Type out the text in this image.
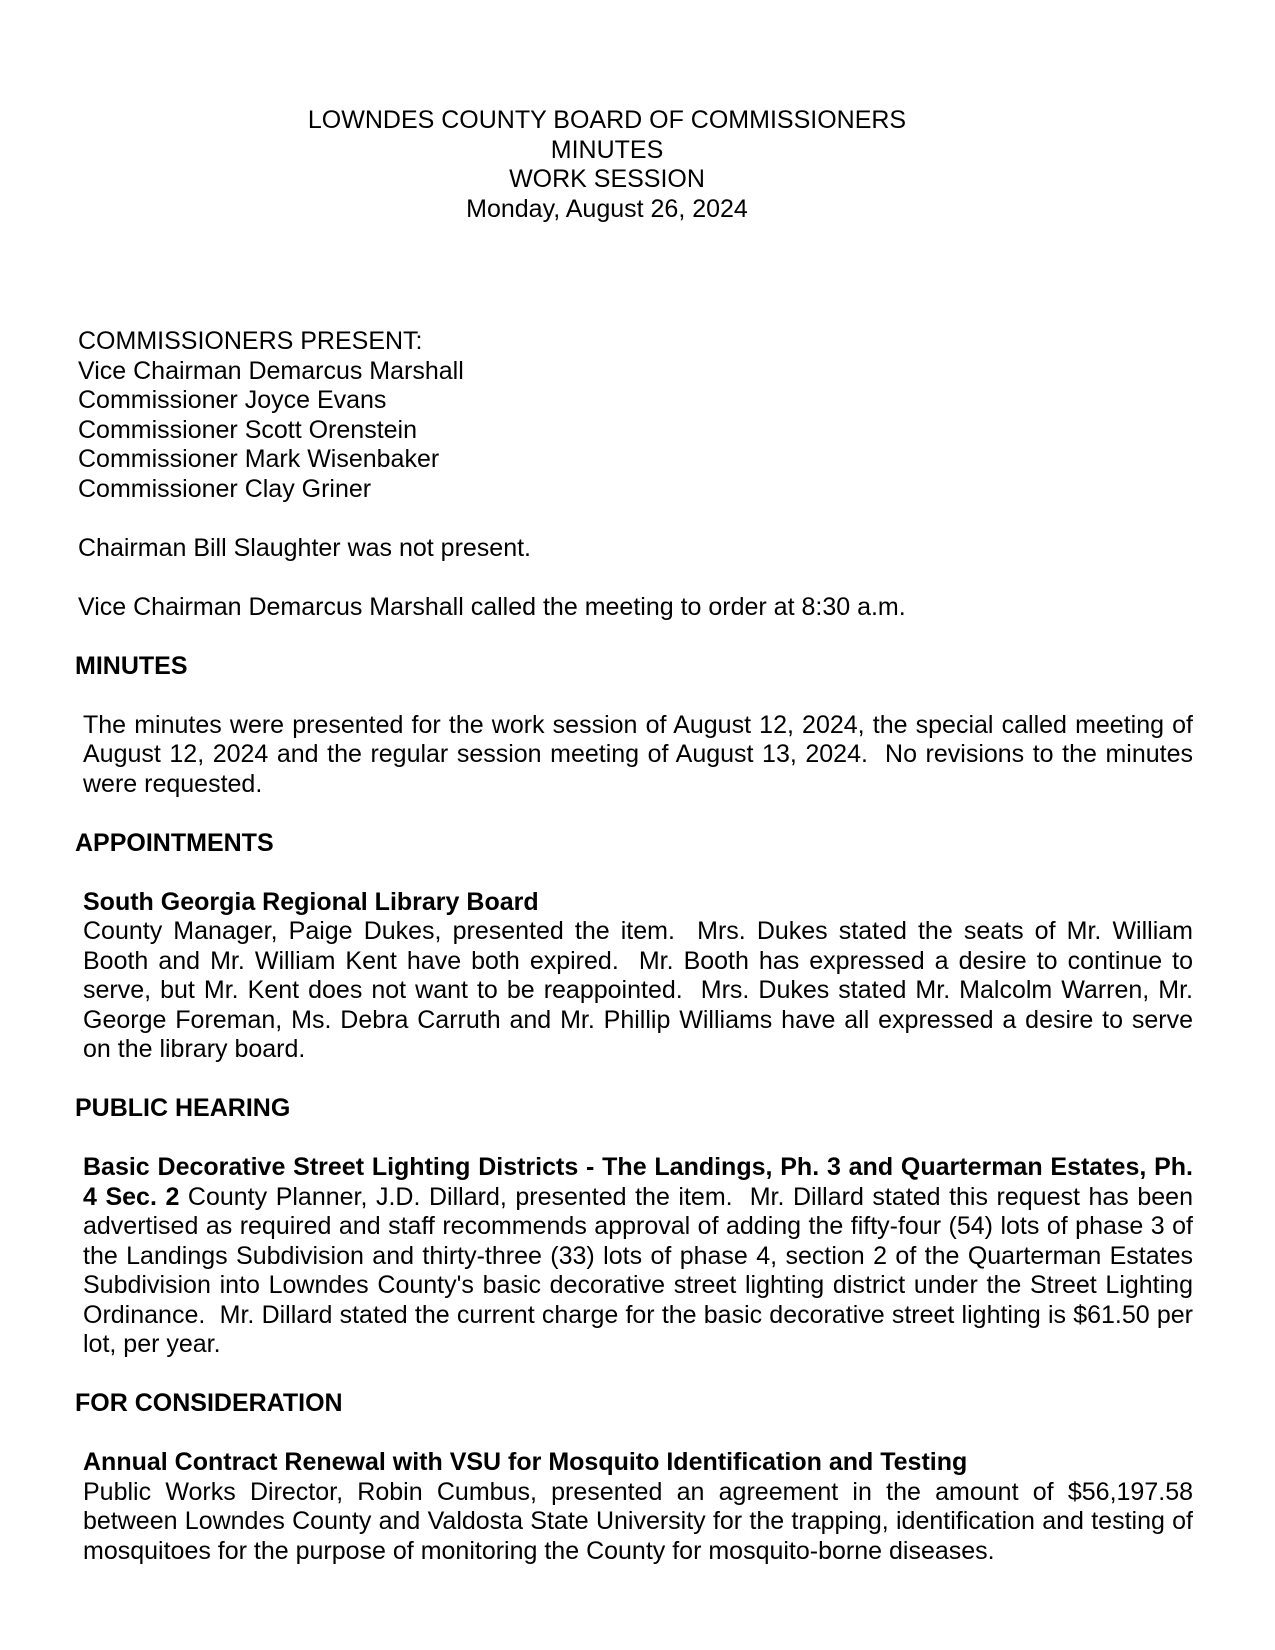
LOWNDES COUNTY BOARD OF COMMISSIONERS
MINUTES
WORK SESSION
Monday, August 26, 2024
COMMISSIONERS PRESENT:
Vice Chairman Demarcus Marshall
Commissioner Joyce Evans
Commissioner Scott Orenstein
Commissioner Mark Wisenbaker
Commissioner Clay Griner

Chairman Bill Slaughter was not present.

Vice Chairman Demarcus Marshall called the meeting to order at 8:30 a.m.

MINUTES

The minutes were presented for the work session of August 12, 2024, the special called meeting of August 12, 2024 and the regular session meeting of August 13, 2024.  No revisions to the minutes were requested.

APPOINTMENTS
South Georgia Regional Library Board

County Manager, Paige Dukes, presented the item.  Mrs. Dukes stated the seats of Mr. William Booth and Mr. William Kent have both expired.  Mr. Booth has expressed a desire to continue to serve, but Mr. Kent does not want to be reappointed.  Mrs. Dukes stated Mr. Malcolm Warren, Mr. George Foreman, Ms. Debra Carruth and Mr. Phillip Williams have all expressed a desire to serve on the library board.

PUBLIC HEARING

Basic Decorative Street Lighting Districts - The Landings, Ph. 3 and Quarterman Estates, Ph. 4 Sec. 2 County Planner, J.D. Dillard, presented the item.  Mr. Dillard stated this request has been advertised as required and staff recommends approval of adding the fifty-four (54) lots of phase 3 of the Landings Subdivision and thirty-three (33) lots of phase 4, section 2 of the Quarterman Estates Subdivision into Lowndes County's basic decorative street lighting district under the Street Lighting Ordinance.  Mr. Dillard stated the current charge for the basic decorative street lighting is $61.50 per lot, per year.

FOR CONSIDERATION
Annual Contract Renewal with VSU for Mosquito Identification and Testing

Public Works Director, Robin Cumbus, presented an agreement in the amount of $56,197.58 between Lowndes County and Valdosta State University for the trapping, identification and testing of mosquitoes for the purpose of monitoring the County for mosquito-borne diseases.
